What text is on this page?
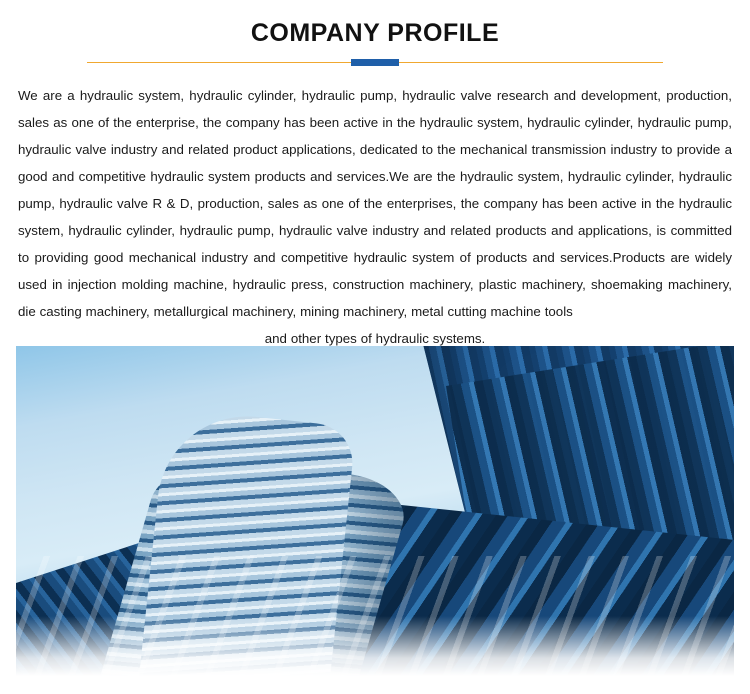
COMPANY PROFILE
We are a hydraulic system, hydraulic cylinder, hydraulic pump, hydraulic valve research and development, production, sales as one of the enterprise, the company has been active in the hydraulic system, hydraulic cylinder, hydraulic pump, hydraulic valve industry and related product applications, dedicated to the mechanical transmission industry to provide a good and competitive hydraulic system products and services.We are the hydraulic system, hydraulic cylinder, hydraulic pump, hydraulic valve R & D, production, sales as one of the enterprises, the company has been active in the hydraulic system, hydraulic cylinder, hydraulic pump, hydraulic valve industry and related products and applications, is committed to providing good mechanical industry and competitive hydraulic system of products and services.Products are widely used in injection molding machine, hydraulic press, construction machinery, plastic machinery, shoemaking machinery, die casting machinery, metallurgical machinery, mining machinery, metal cutting machine tools
and other types of hydraulic systems.
